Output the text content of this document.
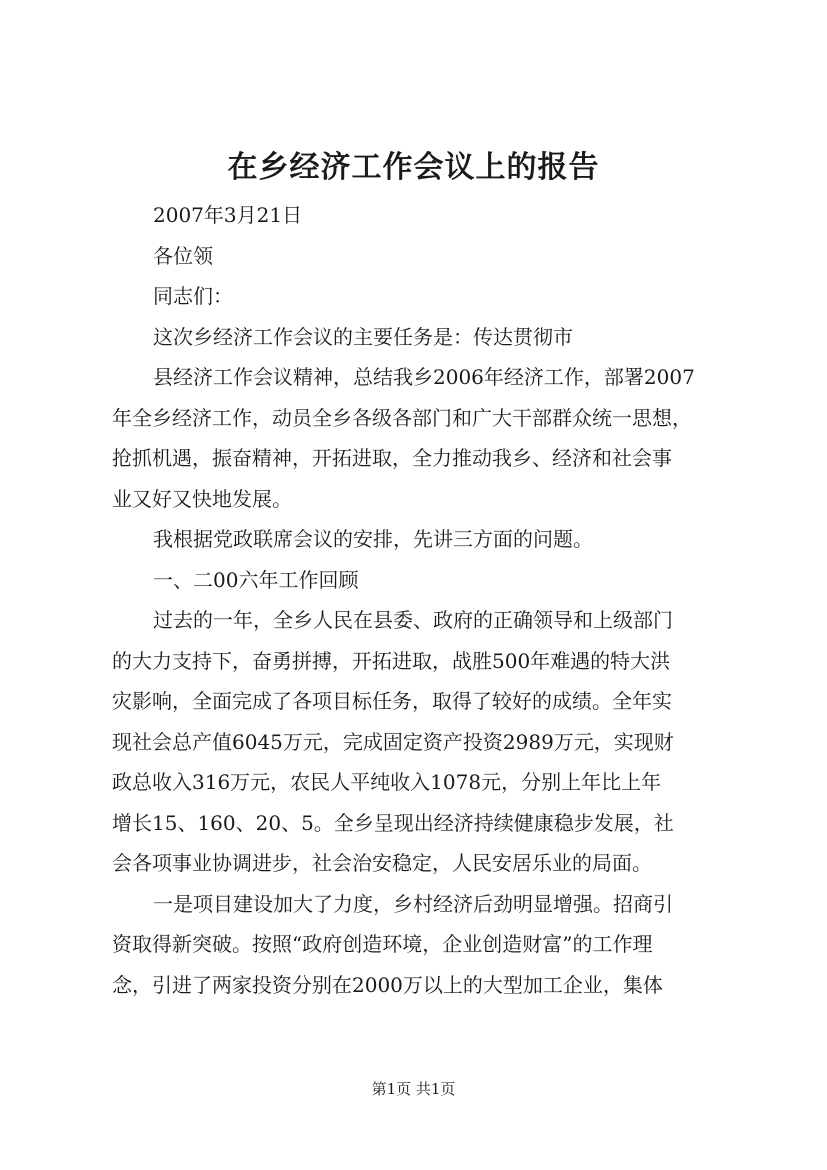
在乡经济工作会议上的报告

2007年3月21日

各位领

同志们：

这次乡经济工作会议的主要任务是：传达贯彻市

县经济工作会议精神，总结我乡2006年经济工作，部署2007

年全乡经济工作，动员全乡各级各部门和广大干部群众统一思想，

抢抓机遇，振奋精神，开拓进取，全力推动我乡、经济和社会事

业又好又快地发展。

我根据党政联席会议的安排，先讲三方面的问题。

一、二00六年工作回顾

过去的一年，全乡人民在县委、政府的正确领导和上级部门

的大力支持下，奋勇拼搏，开拓进取，战胜500年难遇的特大洪

灾影响，全面完成了各项目标任务，取得了较好的成绩。全年实

现社会总产值6045万元，完成固定资产投资2989万元，实现财

政总收入316万元，农民人平纯收入1078元，分别上年比上年

增长15、160、20、5。全乡呈现出经济持续健康稳步发展，社

会各项事业协调进步，社会治安稳定，人民安居乐业的局面。

一是项目建设加大了力度，乡村经济后劲明显增强。招商引

资取得新突破。按照“政府创造环境，企业创造财富”的工作理

念，引进了两家投资分别在2000万以上的大型加工企业，集体

第1页 共1页
